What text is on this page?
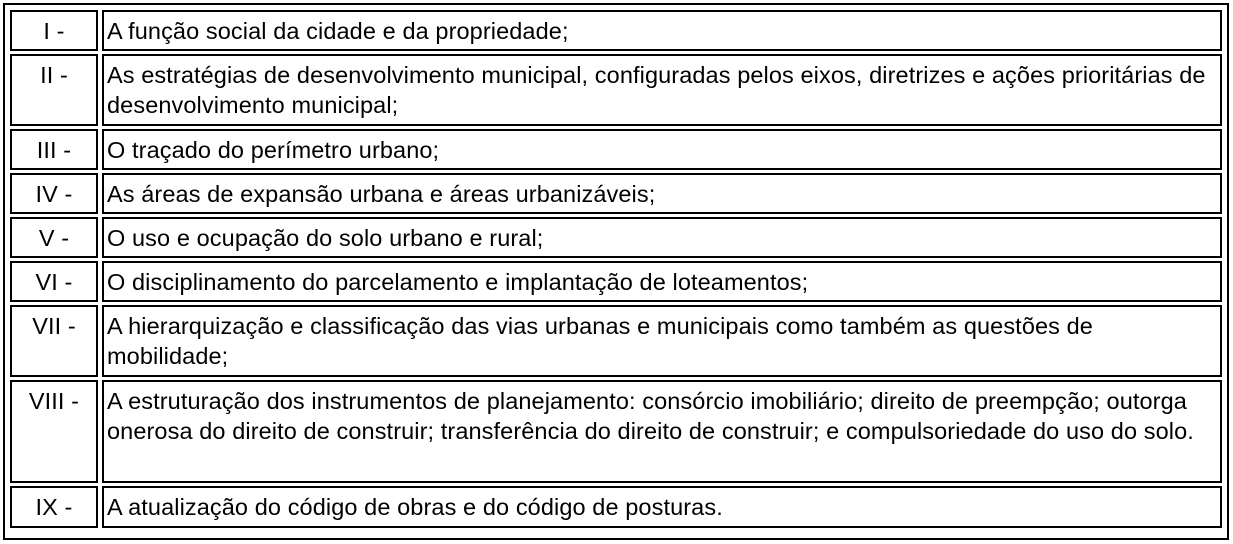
I -	A função social da cidade e da propriedade;
II -	As estratégias de desenvolvimento municipal, configuradas pelos eixos, diretrizes e ações prioritárias de desenvolvimento municipal;
III -	O traçado do perímetro urbano;
IV -	As áreas de expansão urbana e áreas urbanizáveis;
V -	O uso e ocupação do solo urbano e rural;
VI -	O disciplinamento do parcelamento e implantação de loteamentos;
VII -	A hierarquização e classificação das vias urbanas e municipais como também as questões de mobilidade;
VIII -	A estruturação dos instrumentos de planejamento: consórcio imobiliário; direito de preempção; outorga onerosa do direito de construir; transferência do direito de construir; e compulsoriedade do uso do solo.
IX -	A atualização do código de obras e do código de posturas.
